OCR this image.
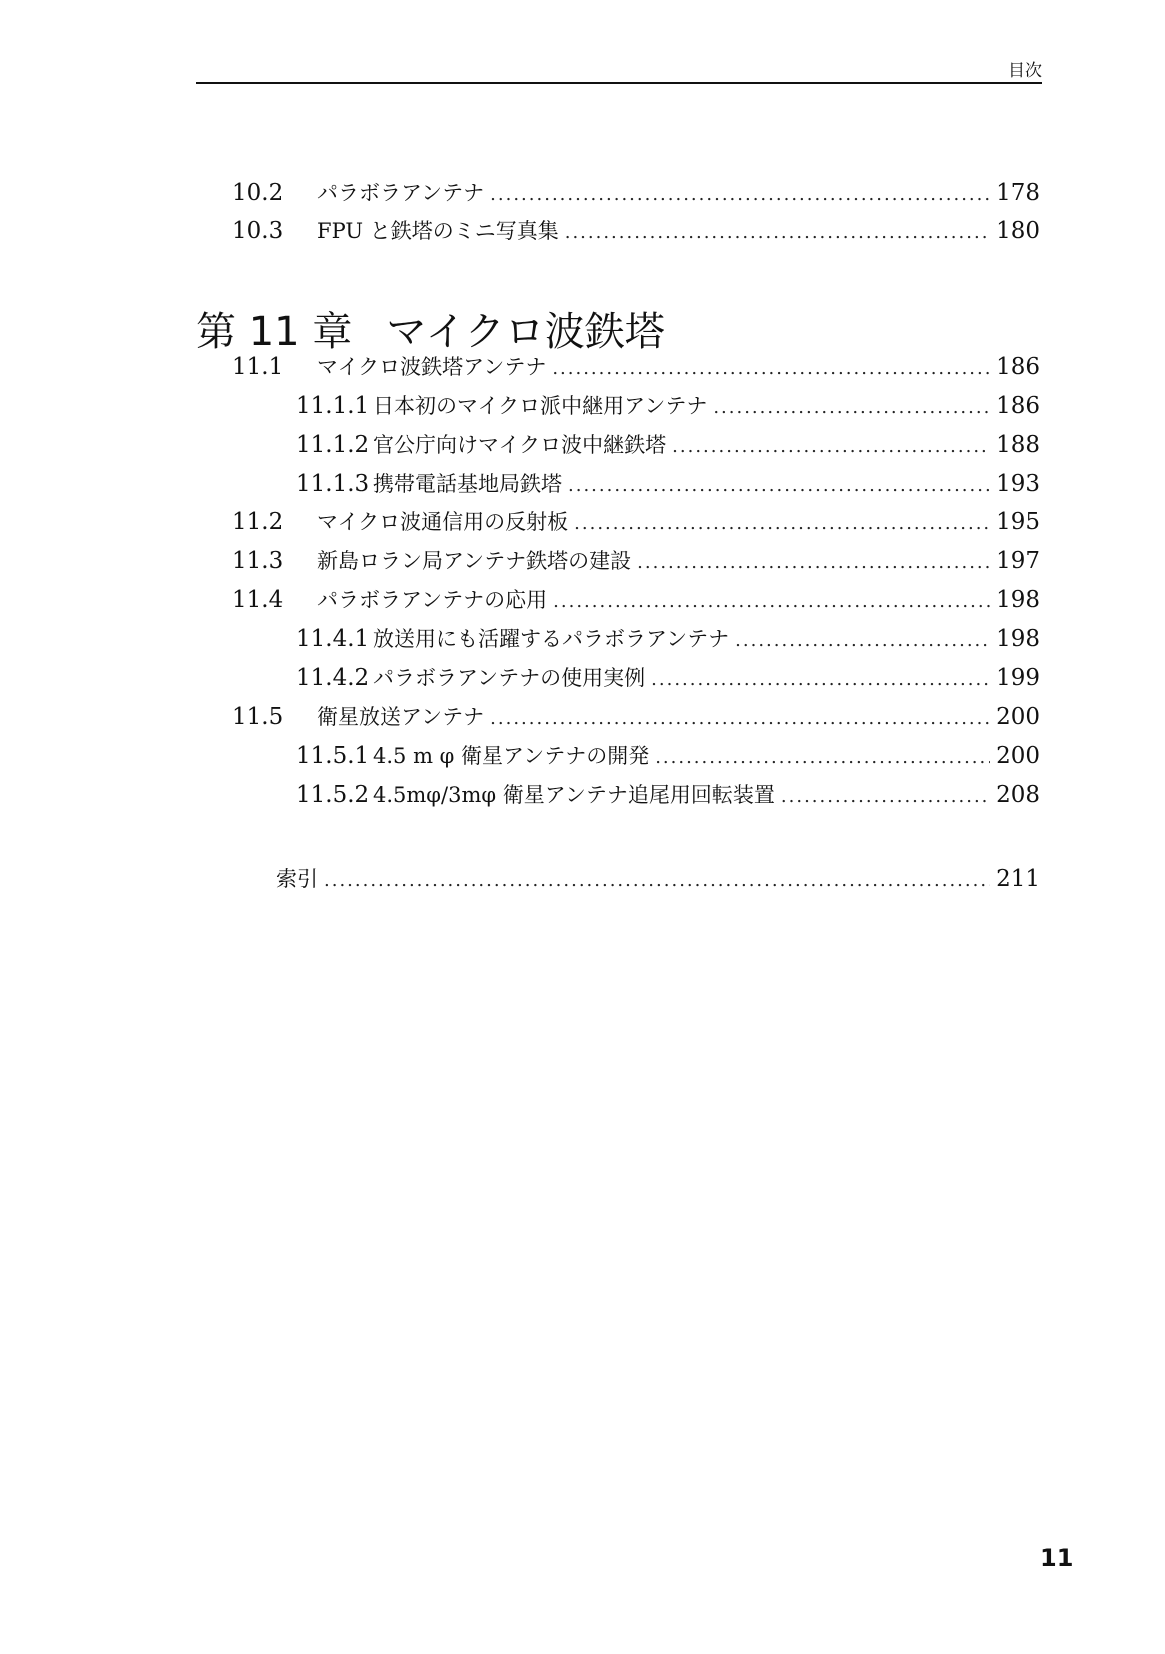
目次
10.2	パラボラアンテナ .....	178
10.3	FPU と鉄塔のミニ写真集 .....	180
第 11 章 マイクロ波鉄塔
11.1	マイクロ波鉄塔アンテナ .....	186
11.1.1 日本初のマイクロ派中継用アンテナ .....	186
11.1.2 官公庁向けマイクロ波中継鉄塔 .....	188
11.1.3 携帯電話基地局鉄塔 .....	193
11.2	マイクロ波通信用の反射板 .....	195
11.3	新島ロラン局アンテナ鉄塔の建設 .....	197
11.4	パラボラアンテナの応用 .....	198
11.4.1 放送用にも活躍するパラボラアンテナ .....	198
11.4.2 パラボラアンテナの使用実例 .....	199
11.5	衛星放送アンテナ .....	200
11.5.1 4.5 m φ 衛星アンテナの開発 .....	200
11.5.2 4.5mφ/3mφ 衛星アンテナ追尾用回転装置 .....	208
索引 .....	211
11
